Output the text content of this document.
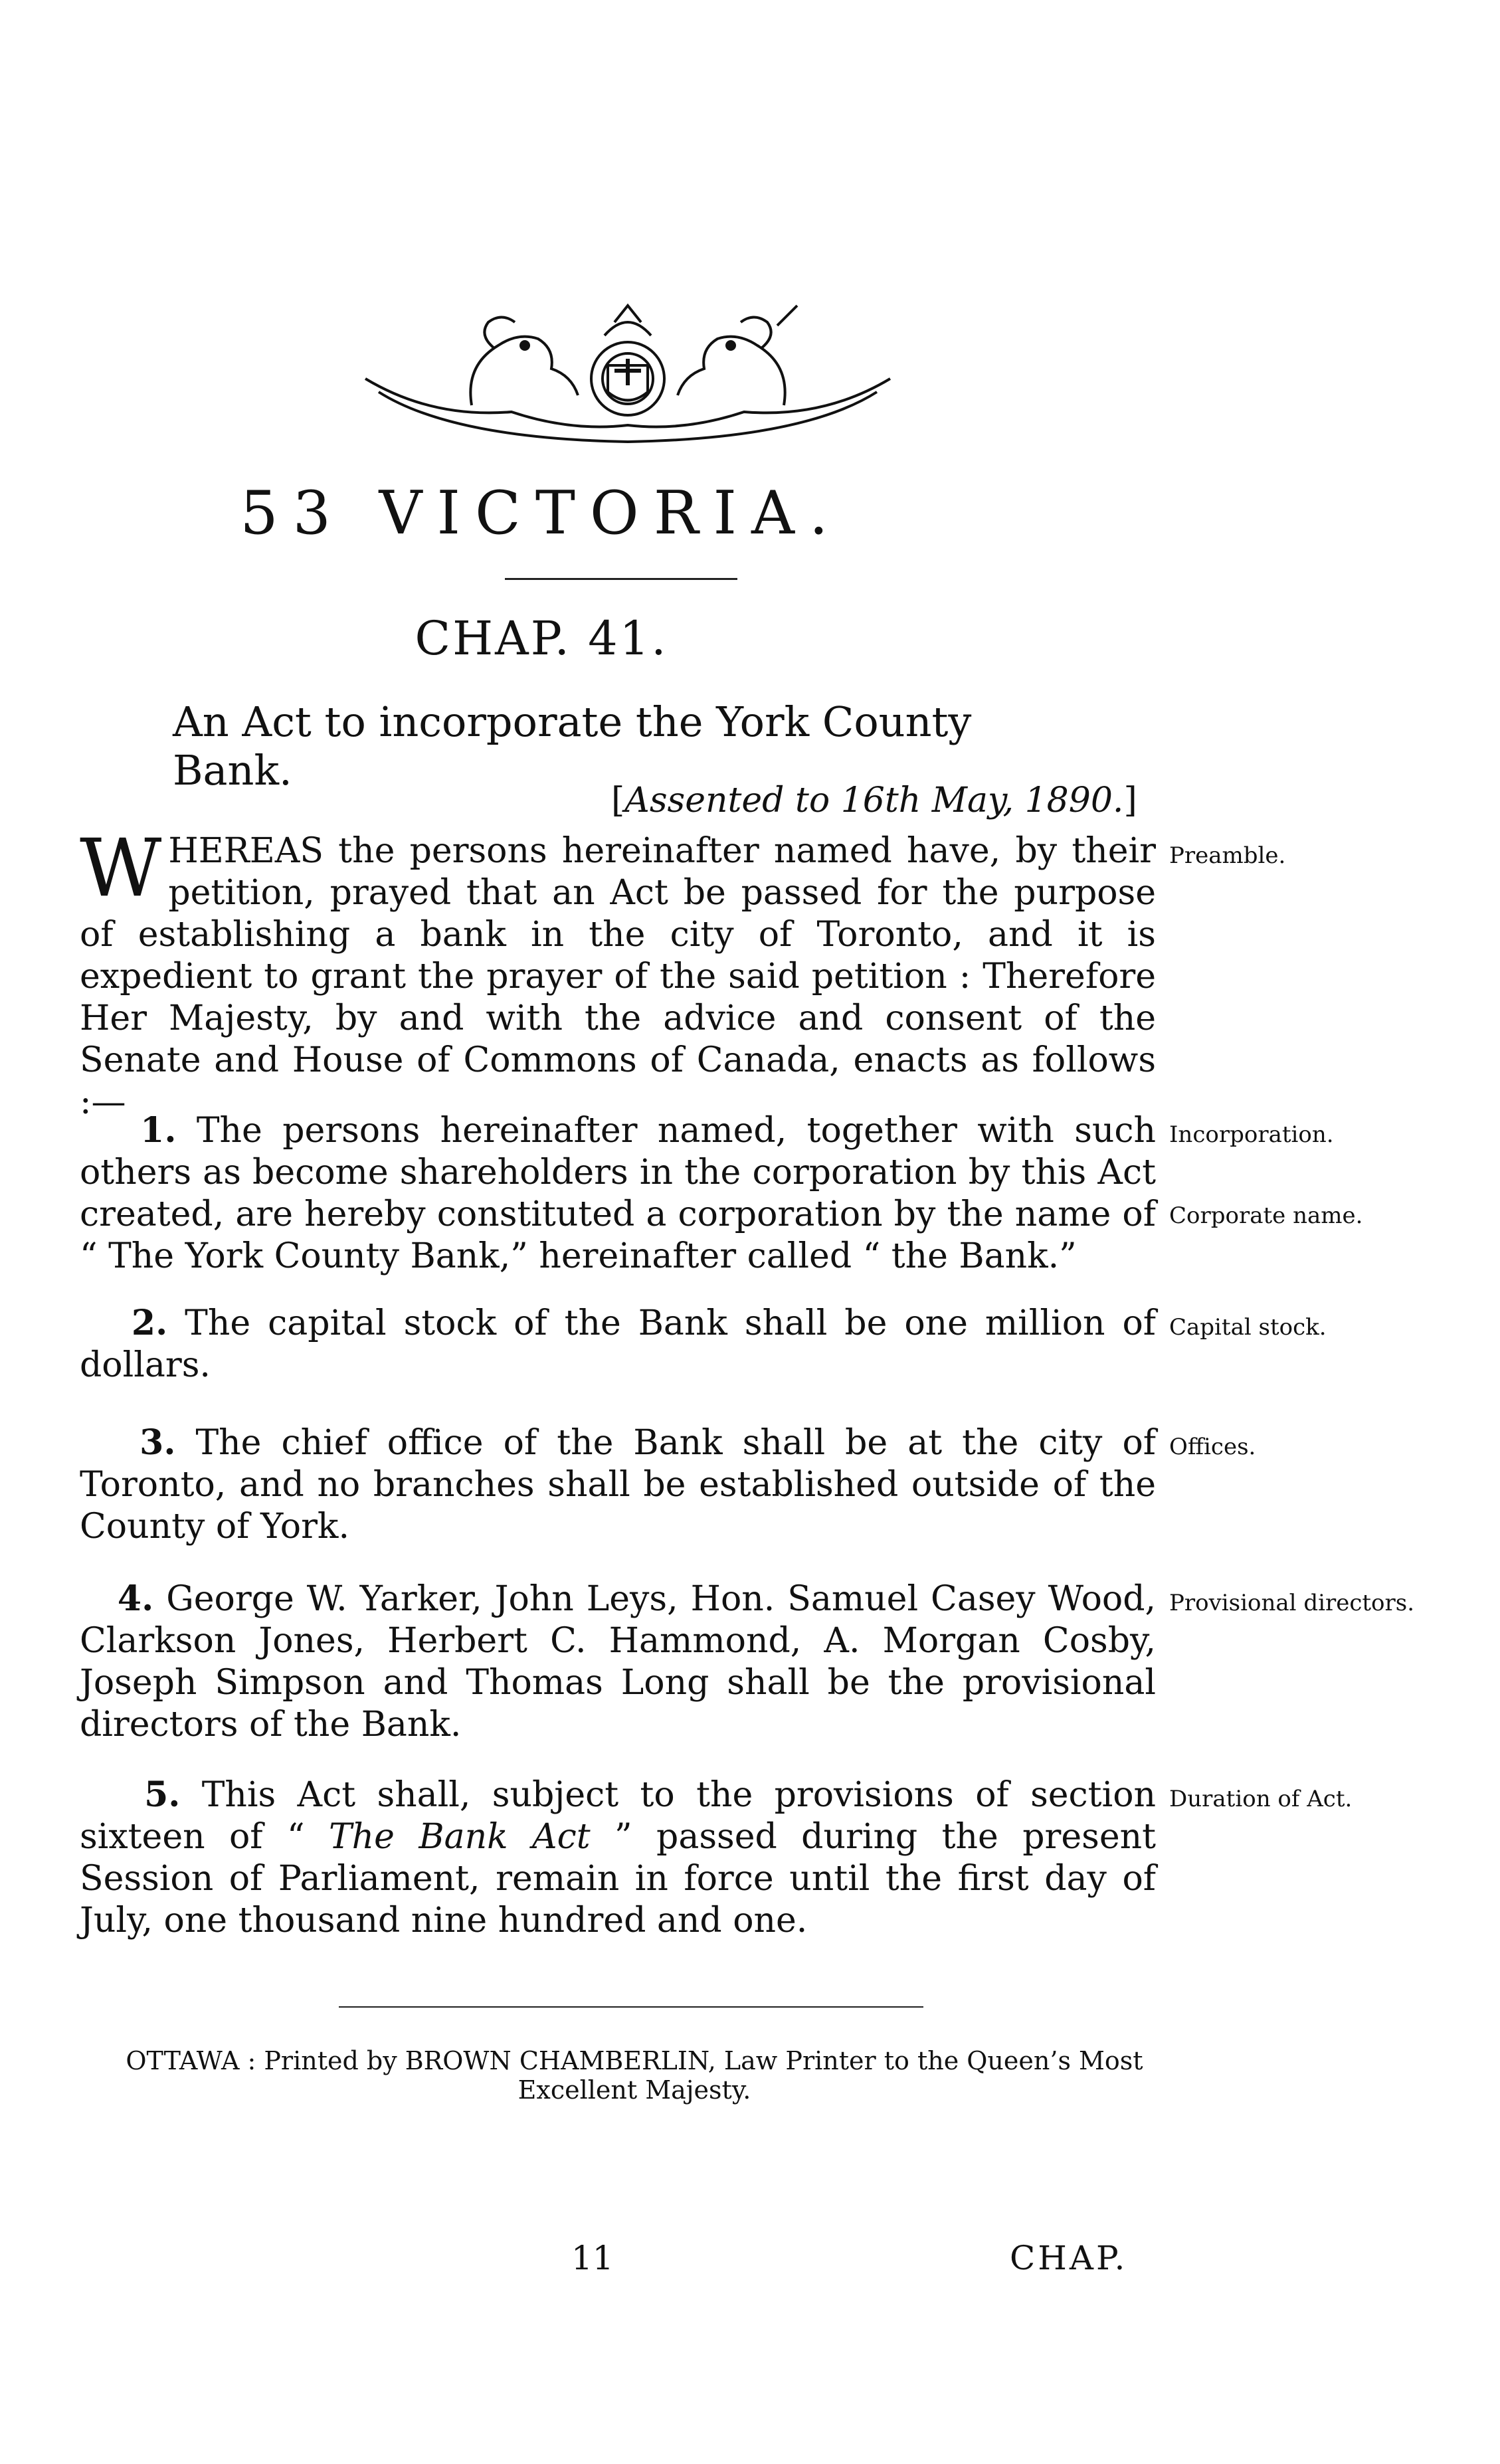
53 VICTORIA.
CHAP. 41.
An Act to incorporate the York County Bank.
[Assented to 16th May, 1890.]

WHEREAS the persons hereinafter named have, by their petition, prayed that an Act be passed for the purpose of establishing a bank in the city of Toronto, and it is expedient to grant the prayer of the said petition : Therefore Her Majesty, by and with the advice and consent of the Senate and House of Commons of Canada, enacts as follows :—

Preamble.

1. The persons hereinafter named, together with such others as become shareholders in the corporation by this Act created, are hereby constituted a corporation by the name of “ The York County Bank,” hereinafter called “ the Bank.”

Incorporation.
Corporate name.

2. The capital stock of the Bank shall be one million of dollars.

Capital stock.

3. The chief office of the Bank shall be at the city of Toronto, and no branches shall be established outside of the County of York.

Offices.

4. George W. Yarker, John Leys, Hon. Samuel Casey Wood, Clarkson Jones, Herbert C. Hammond, A. Morgan Cosby, Joseph Simpson and Thomas Long shall be the provisional directors of the Bank.

Provisional directors.

5. This Act shall, subject to the provisions of section sixteen of “ The Bank Act ” passed during the present Session of Parliament, remain in force until the first day of July, one thousand nine hundred and one.

Duration of Act.
OTTAWA : Printed by BROWN CHAMBERLIN, Law Printer to the Queen’s Most Excellent Majesty.
11	CHAP.
